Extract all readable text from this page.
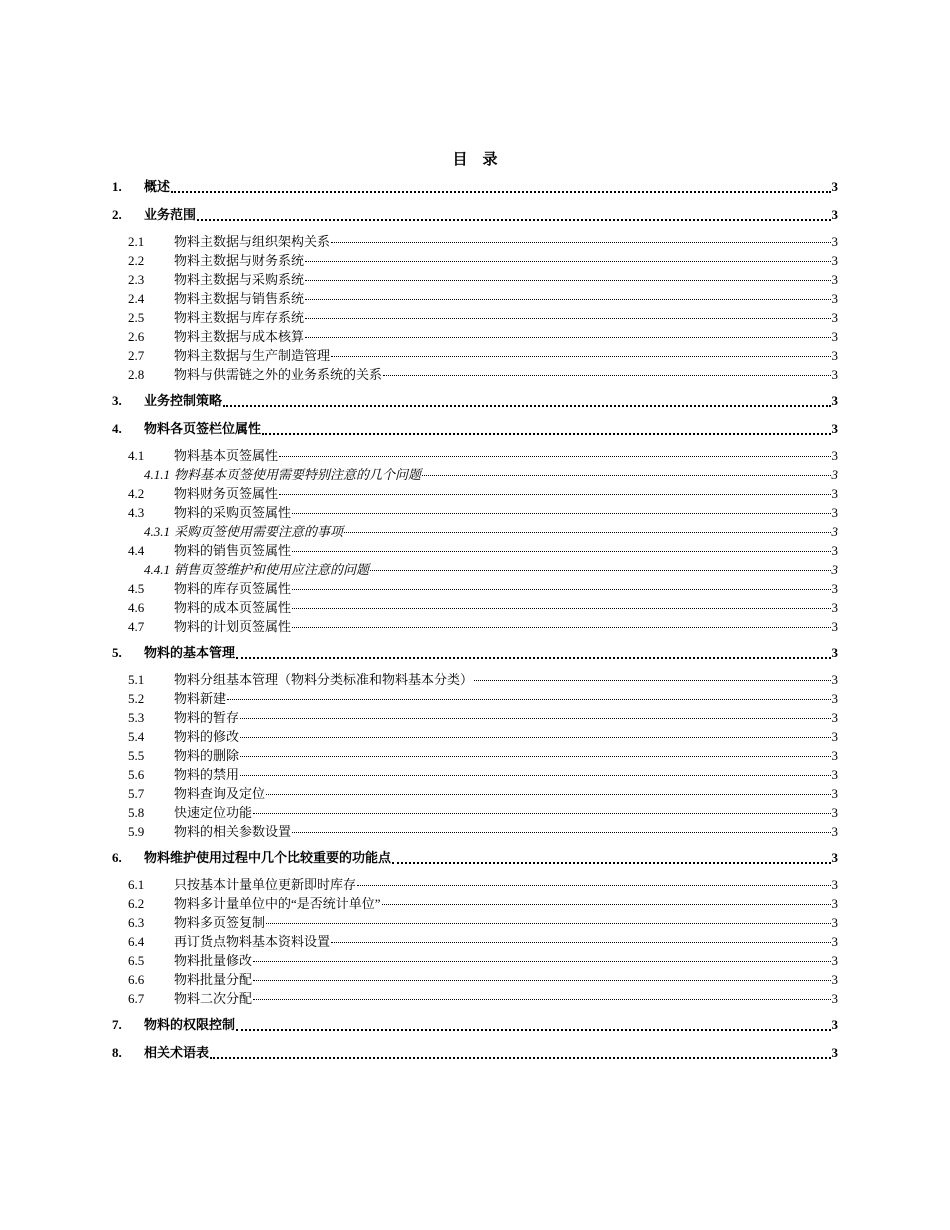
目　录
1.	概述	3
2.	业务范围	3
2.1	物料主数据与组织架构关系	3
2.2	物料主数据与财务系统	3
2.3	物料主数据与采购系统	3
2.4	物料主数据与销售系统	3
2.5	物料主数据与库存系统	3
2.6	物料主数据与成本核算	3
2.7	物料主数据与生产制造管理	3
2.8	物料与供需链之外的业务系统的关系	3
3.	业务控制策略	3
4.	物料各页签栏位属性	3
4.1	物料基本页签属性	3
4.1.1 物料基本页签使用需要特别注意的几个问题	3
4.2	物料财务页签属性	3
4.3	物料的采购页签属性	3
4.3.1 采购页签使用需要注意的事项	3
4.4	物料的销售页签属性	3
4.4.1 销售页签维护和使用应注意的问题	3
4.5	物料的库存页签属性	3
4.6	物料的成本页签属性	3
4.7	物料的计划页签属性	3
5.	物料的基本管理	3
5.1	物料分组基本管理（物料分类标准和物料基本分类）	3
5.2	物料新建	3
5.3	物料的暂存	3
5.4	物料的修改	3
5.5	物料的删除	3
5.6	物料的禁用	3
5.7	物料查询及定位	3
5.8	快速定位功能	3
5.9	物料的相关参数设置	3
6.	物料维护使用过程中几个比较重要的功能点	3
6.1	只按基本计量单位更新即时库存	3
6.2	物料多计量单位中的“是否统计单位”	3
6.3	物料多页签复制	3
6.4	再订货点物料基本资料设置	3
6.5	物料批量修改	3
6.6	物料批量分配	3
6.7	物料二次分配	3
7.	物料的权限控制	3
8.	相关术语表	3
